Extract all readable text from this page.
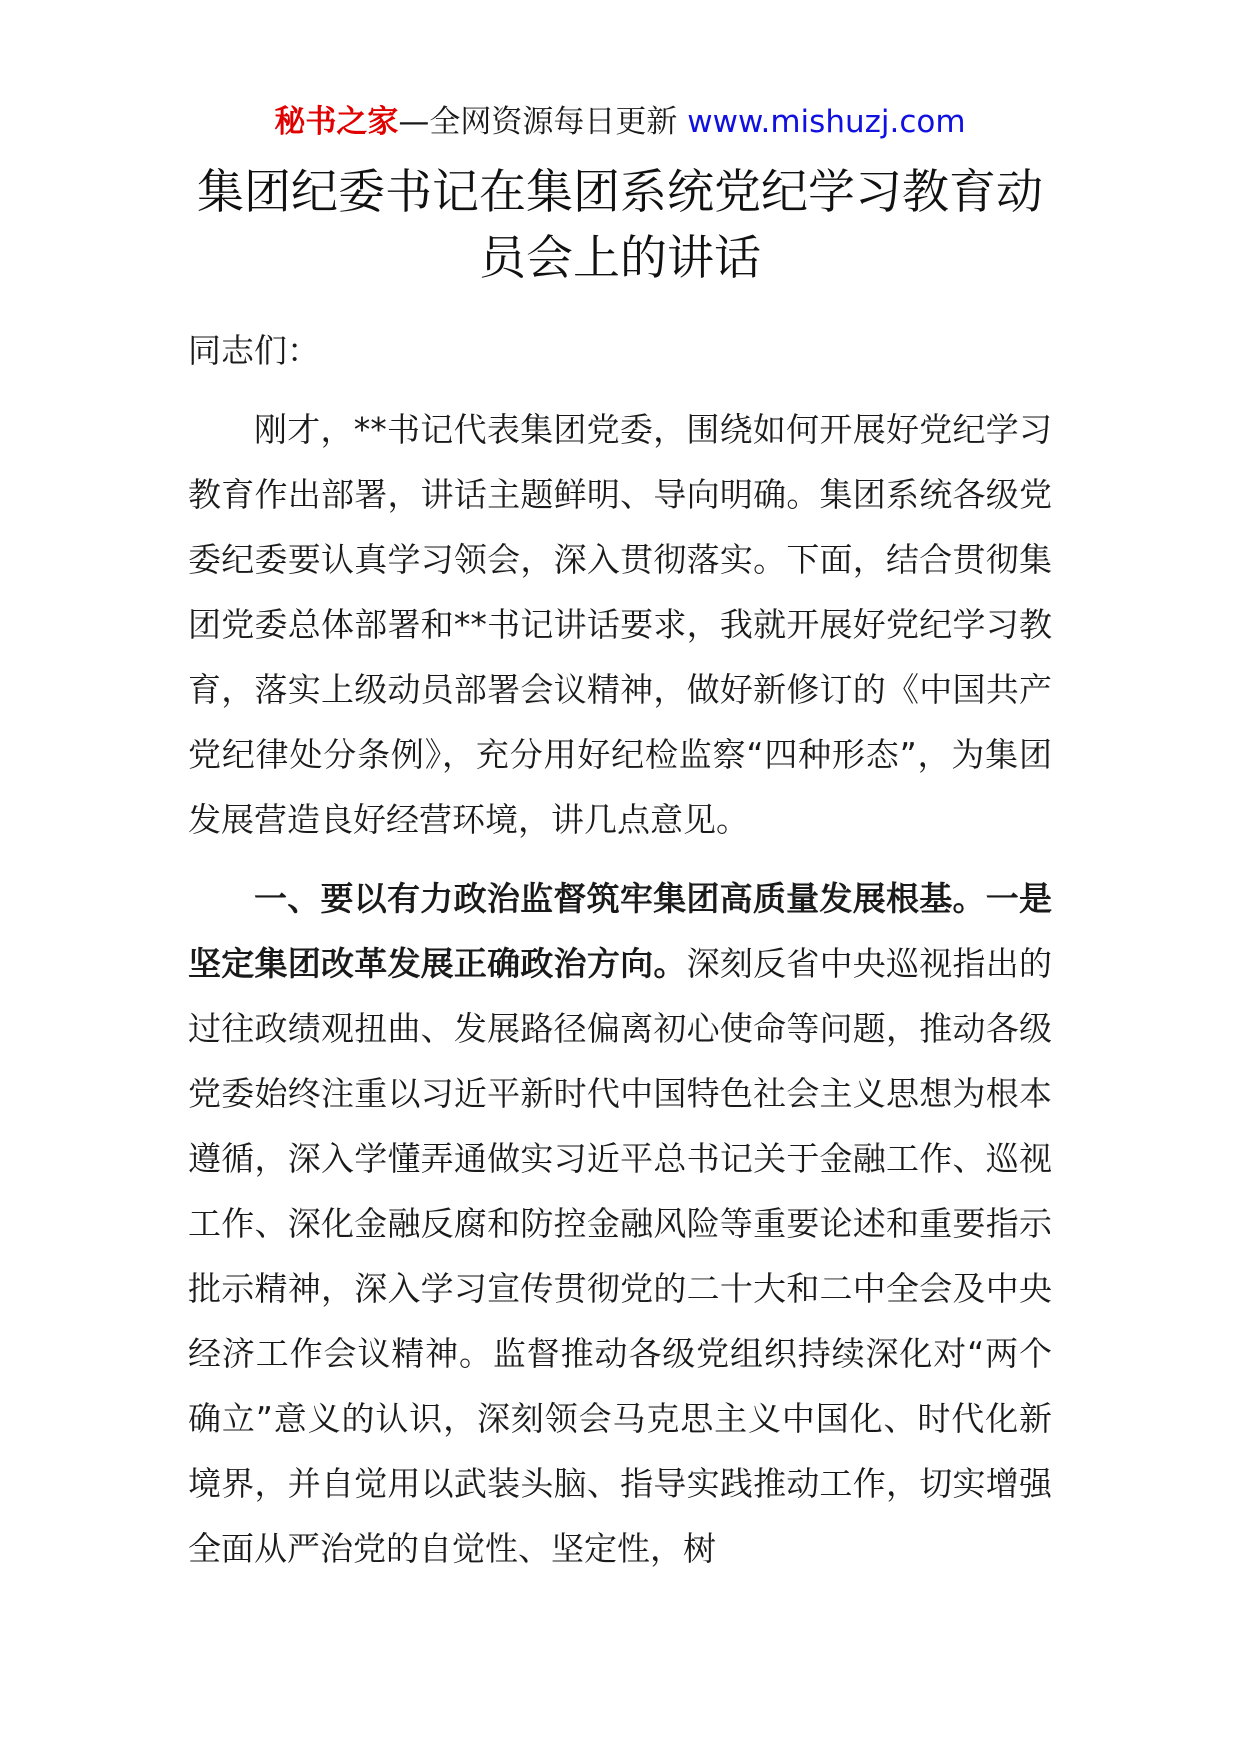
秘书之家—全网资源每日更新 www.mishuzj.com
集团纪委书记在集团系统党纪学习教育动
员会上的讲话

同志们：

刚才，**书记代表集团党委，围绕如何开展好党纪学习教育作出部署，讲话主题鲜明、导向明确。集团系统各级党委纪委要认真学习领会，深入贯彻落实。下面，结合贯彻集团党委总体部署和**书记讲话要求，我就开展好党纪学习教育，落实上级动员部署会议精神，做好新修订的《中国共产党纪律处分条例》，充分用好纪检监察“四种形态”，为集团发展营造良好经营环境，讲几点意见。

一、要以有力政治监督筑牢集团高质量发展根基。一是坚定集团改革发展正确政治方向。深刻反省中央巡视指出的过往政绩观扭曲、发展路径偏离初心使命等问题，推动各级党委始终注重以习近平新时代中国特色社会主义思想为根本遵循，深入学懂弄通做实习近平总书记关于金融工作、巡视工作、深化金融反腐和防控金融风险等重要论述和重要指示批示精神，深入学习宣传贯彻党的二十大和二中全会及中央经济工作会议精神。监督推动各级党组织持续深化对“两个确立”意义的认识，深刻领会马克思主义中国化、时代化新境界，并自觉用以武装头脑、指导实践推动工作，切实增强全面从严治党的自觉性、坚定性，树
